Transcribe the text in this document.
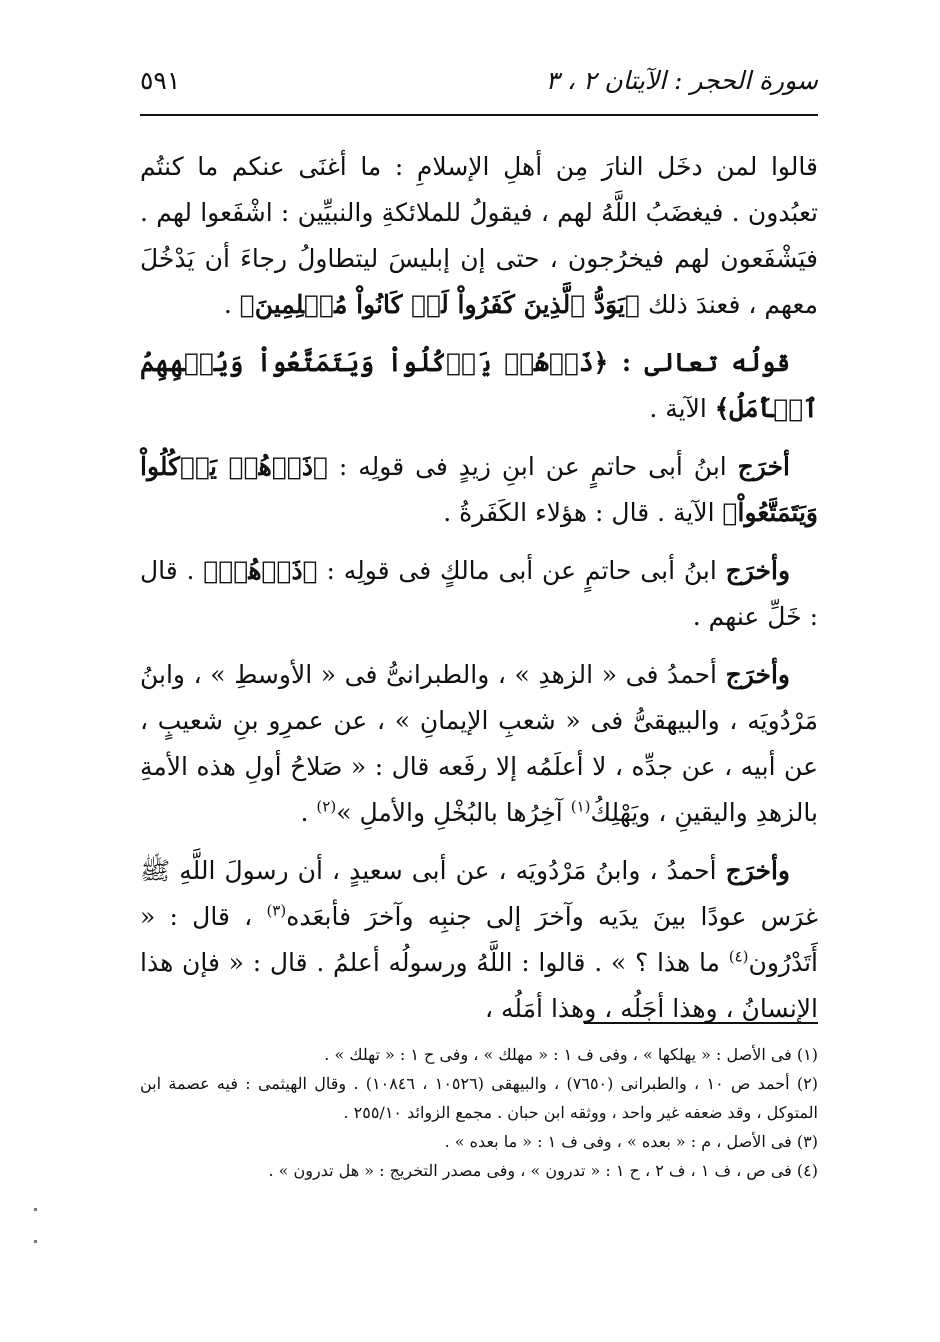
سورة الحجر : الآيتان ٢ ، ٣
٥٩١

قالوا لمن دخَل النارَ مِن أهلِ الإسلامِ : ما أغنَى عنكم ما كنتُم تعبُدون . فيغضَبُ اللَّهُ لهم ، فيقولُ للملائكةِ والنبيِّين : اشْفَعوا لهم . فيَشْفَعون لهم فيخرُجون ، حتى إن إبليسَ ليتطاولُ رجاءَ أن يَدْخُلَ معهم ، فعندَ ذلك ﴿يَوَدُّ ٱلَّذِينَ كَفَرُواْ لَوۡ كَانُواْ مُسۡلِمِينَ﴾ .

قولُه تعالى : ﴿ذَرۡهُمۡ يَأۡكُلُواْ وَيَتَمَتَّعُواْ وَيُلۡهِهِمُ ٱلۡأَمَلُ﴾ الآية .

أخرَج ابنُ أبى حاتمٍ عن ابنِ زيدٍ فى قولِه : ﴿ذَرۡهُمۡ يَأۡكُلُواْ وَيَتَمَتَّعُواْ﴾ الآية . قال : هؤلاء الكَفَرةُ .

وأخرَج ابنُ أبى حاتمٍ عن أبى مالكٍ فى قولِه : ﴿ذَرۡهُمۡ﴾ . قال : خَلِّ عنهم .

وأخرَج أحمدُ فى « الزهدِ » ، والطبرانىُّ فى « الأوسطِ » ، وابنُ مَرْدُويَه ، والبيهقىُّ فى « شعبِ الإيمانِ » ، عن عمرِو بنِ شعيبٍ ، عن أبيه ، عن جدِّه ، لا أعلَمُه إلا رفَعه قال : « صَلاحُ أولِ هذه الأمةِ بالزهدِ واليقينِ ، ويَهْلِكُ$^{(١)}$ آخِرُها بالبُخْلِ والأملِ »$^{(٢)}$ .

وأخرَج أحمدُ ، وابنُ مَرْدُويَه ، عن أبى سعيدٍ ، أن رسولَ اللَّهِ ﷺ غرَس عودًا بينَ يدَيه وآخرَ إلى جنبِه وآخرَ فأبعَده$^{(٣)}$ ، قال : « أَتَدْرُون$^{(٤)}$ ما هذا ؟ » . قالوا : اللَّهُ ورسولُه أعلمُ . قال : « فإن هذا الإنسانُ ، وهذا أجَلُه ، وهذا أمَلُه ،

(١) فى الأصل : « يهلكها » ، وفى ف ١ : « مهلك » ، وفى ح ١ : « تهلك » .

(٢) أحمد ص ١٠ ، والطبرانى (٧٦٥٠) ، والبيهقى (١٠٥٢٦ ، ١٠٨٤٦) . وقال الهيثمى : فيه عصمة ابن المتوكل ، وقد ضعفه غير واحد ، ووثقه ابن حبان . مجمع الزوائد ٢٥٥/١٠ .

(٣) فى الأصل ، م : « بعده » ، وفى ف ١ : « ما بعده » .

(٤) فى ص ، ف ١ ، ف ٢ ، ح ١ : « تدرون » ، وفى مصدر التخريج : « هل تدرون » .
